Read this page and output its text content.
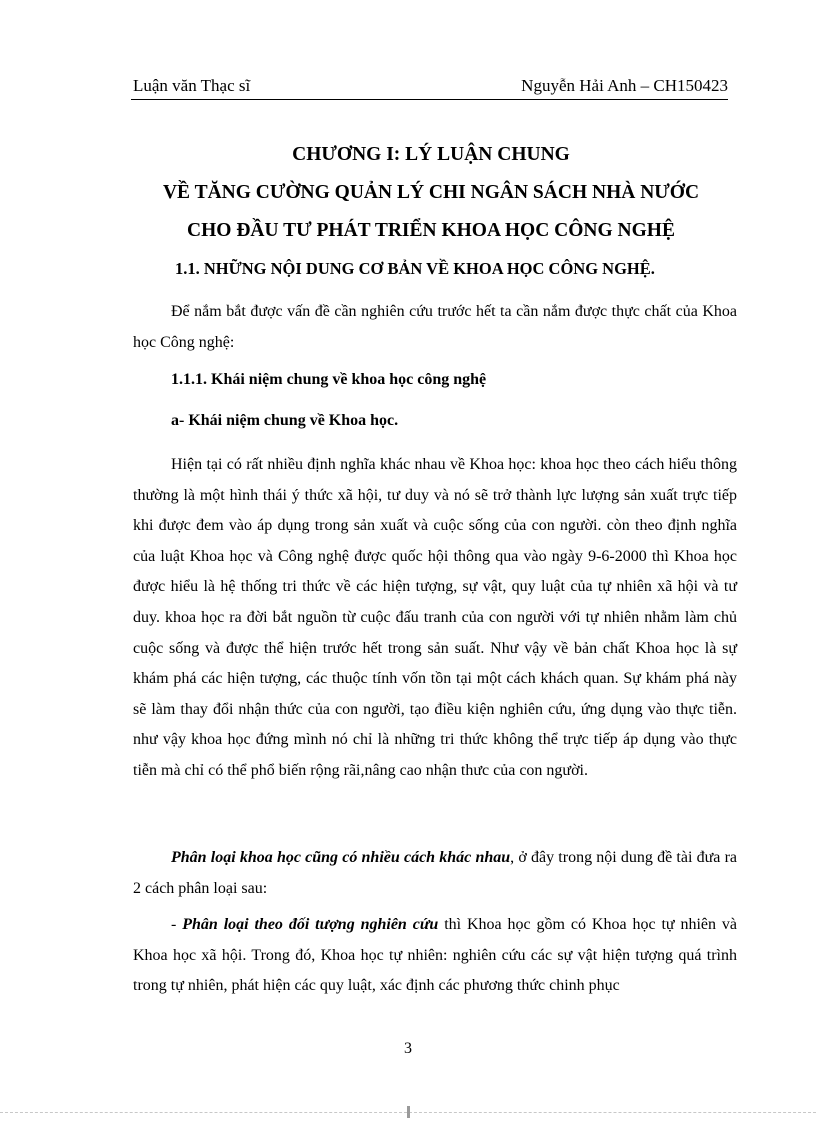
Luận văn Thạc sĩ	Nguyễn Hải Anh – CH150423
CHƯƠNG I: LÝ LUẬN CHUNG
VỀ TĂNG CƯỜNG QUẢN LÝ CHI NGÂN SÁCH NHÀ NƯỚC
CHO ĐẦU TƯ PHÁT TRIỂN KHOA HỌC CÔNG NGHỆ
1.1. NHỮNG NỘI DUNG CƠ BẢN VỀ KHOA HỌC CÔNG NGHỆ.
Để nắm bắt được vấn đề cần nghiên cứu trước hết ta cần nắm được thực chất của Khoa học Công nghệ:
1.1.1. Khái niệm chung về khoa học công nghệ
a- Khái niệm chung về Khoa học.
Hiện tại có rất nhiều định nghĩa khác nhau về Khoa học: khoa học theo cách hiểu thông thường là một hình thái ý thức xã hội, tư duy và nó sẽ trở thành lực lượng sản xuất trực tiếp khi được đem vào áp dụng trong sản xuất và cuộc sống của con người. còn theo định nghĩa của luật Khoa học và Công nghệ được quốc hội thông qua vào ngày 9-6-2000 thì Khoa học được hiểu là hệ thống tri thức về các hiện tượng, sự vật, quy luật của tự nhiên xã hội và tư duy. khoa học ra đời bắt nguồn từ cuộc đấu tranh của con người với tự nhiên nhằm làm chủ cuộc sống và được thể hiện trước hết trong sản suất. Như vậy về bản chất Khoa học là sự khám phá các hiện tượng, các thuộc tính vốn tồn tại một cách khách quan. Sự khám phá này sẽ làm thay đổi nhận thức của con người, tạo điều kiện nghiên cứu, ứng dụng vào thực tiễn. như vậy khoa học đứng mình nó chỉ là những tri thức không thể trực tiếp áp dụng vào thực tiễn mà chỉ có thể phổ biến rộng rãi,nâng cao nhận thưc của con người.
Phân loại khoa học cũng có nhiều cách khác nhau, ở đây trong nội dung đề tài đưa ra 2 cách phân loại sau:
- Phân loại theo đối tượng nghiên cứu thì Khoa học gồm có Khoa học tự nhiên và Khoa học xã hội. Trong đó, Khoa học tự nhiên: nghiên cứu các sự vật hiện tượng quá trình trong tự nhiên, phát hiện các quy luật, xác định các phương thức chinh phục
3
